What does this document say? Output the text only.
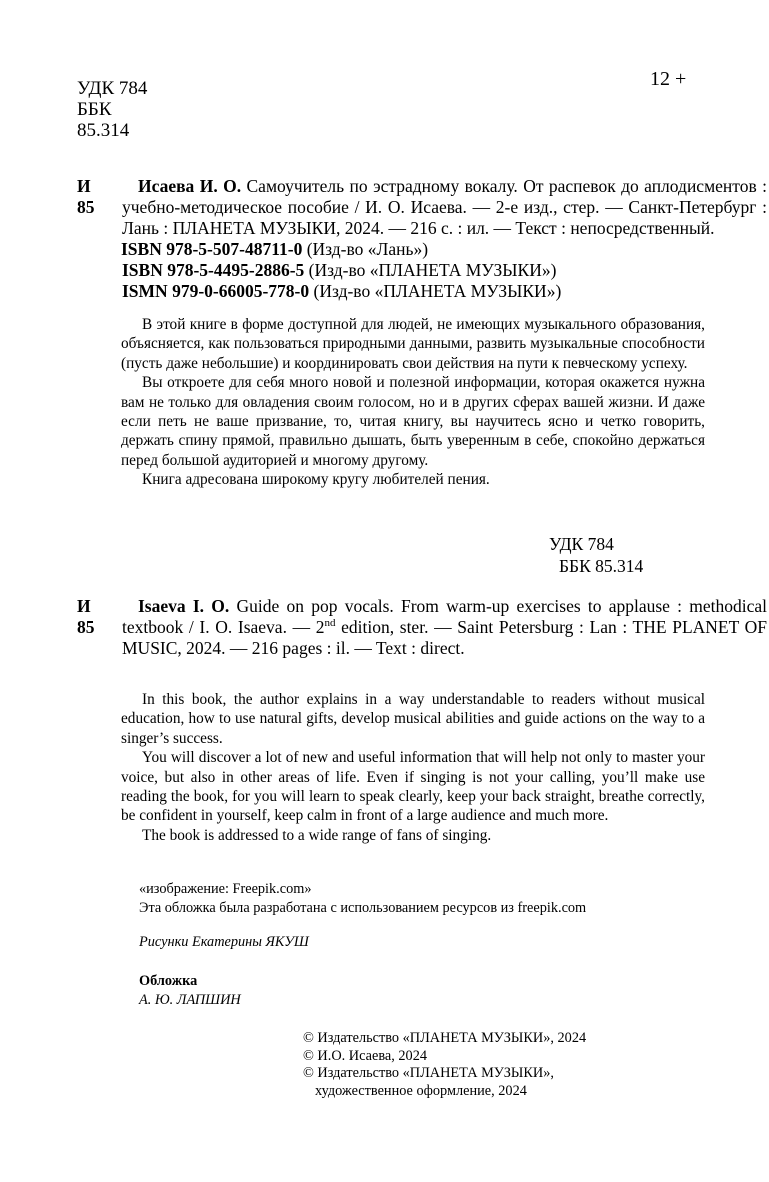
УДК 784
ББК
85.314
12 +
И 85
Исаева И. О. Самоучитель по эстрадному вокалу. От распевок до аплодисментов : учебно-методическое пособие / И. О. Исаева. — 2-е изд., стер. — Санкт-Петербург : Лань : ПЛАНЕТА МУЗЫКИ, 2024. — 216 с. : ил. — Текст : непосредственный.
ISBN 978-5-507-48711-0 (Изд-во «Лань»)
ISBN 978-5-4495-2886-5 (Изд-во «ПЛАНЕТА МУЗЫКИ»)
ISMN 979-0-66005-778-0 (Изд-во «ПЛАНЕТА МУЗЫКИ»)

В этой книге в форме доступной для людей, не имеющих музыкального образования, объясняется, как пользоваться природными данными, развить музыкальные способности (пусть даже небольшие) и координировать свои действия на пути к певческому успеху.

Вы откроете для себя много новой и полезной информации, которая окажется нужна вам не только для овладения своим голосом, но и в других сферах вашей жизни. И даже если петь не ваше призвание, то, читая книгу, вы научитесь ясно и четко говорить, держать спину прямой, правильно дышать, быть уверенным в себе, спокойно держаться перед большой аудиторией и многому другому.

Книга адресована широкому кругу любителей пения.

УДК 784
ББК 85.314
И 85
Isaeva I. O. Guide on pop vocals. From warm-up exercises to applause : methodical textbook / I. O. Isaeva. — 2nd edition, ster. — Saint Petersburg : Lan : THE PLANET OF MUSIC, 2024. — 216 pages : il. — Text : direct.

In this book, the author explains in a way understandable to readers without musical education, how to use natural gifts, develop musical abilities and guide actions on the way to a singer’s success.

You will discover a lot of new and useful information that will help not only to master your voice, but also in other areas of life. Even if singing is not your calling, you’ll make use reading the book, for you will learn to speak clearly, keep your back straight, breathe correctly, be confident in yourself, keep calm in front of a large audience and much more.

The book is addressed to a wide range of fans of singing.

«изображение: Freepik.com»
Эта обложка была разработана с использованием ресурсов из freepik.com
Рисунки Екатерины ЯКУШ
Обложка
А. Ю. ЛАПШИН
© Издательство «ПЛАНЕТА МУЗЫКИ», 2024
© И.О. Исаева, 2024
© Издательство «ПЛАНЕТА МУЗЫКИ»,
художественное оформление, 2024
